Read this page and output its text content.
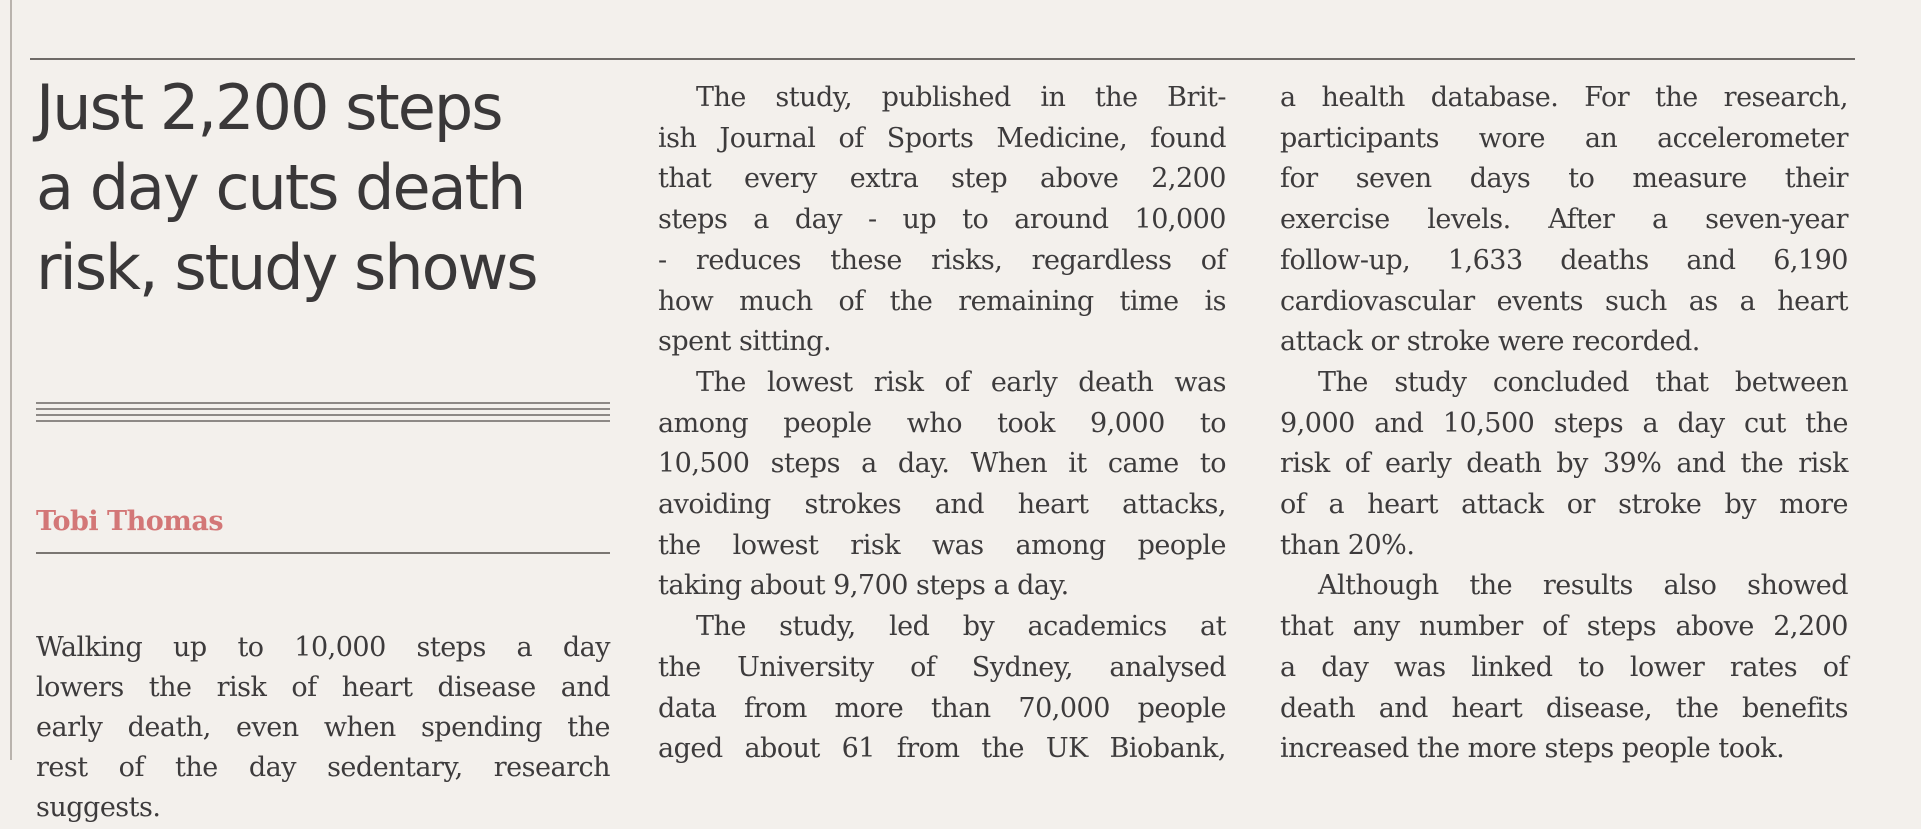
Just 2,200 steps
a day cuts death
risk, study shows
Tobi Thomas
Walking up to 10,000 steps a day
lowers the risk of heart disease and
early death, even when spending the
rest of the day sedentary, research
suggests.

The study, published in the Brit-
ish Journal of Sports Medicine, found
that every extra step above 2,200
steps a day - up to around 10,000
- reduces these risks, regardless of
how much of the remaining time is
spent sitting.

The lowest risk of early death was
among people who took 9,000 to
10,500 steps a day. When it came to
avoiding strokes and heart attacks,
the lowest risk was among people
taking about 9,700 steps a day.

The study, led by academics at
the University of Sydney, analysed
data from more than 70,000 people
aged about 61 from the UK Biobank,

a health database. For the research,
participants wore an accelerometer
for seven days to measure their
exercise levels. After a seven-year
follow-up, 1,633 deaths and 6,190
cardiovascular events such as a heart
attack or stroke were recorded.

The study concluded that between
9,000 and 10,500 steps a day cut the
risk of early death by 39% and the risk
of a heart attack or stroke by more
than 20%.

Although the results also showed
that any number of steps above 2,200
a day was linked to lower rates of
death and heart disease, the benefits
increased the more steps people took.
